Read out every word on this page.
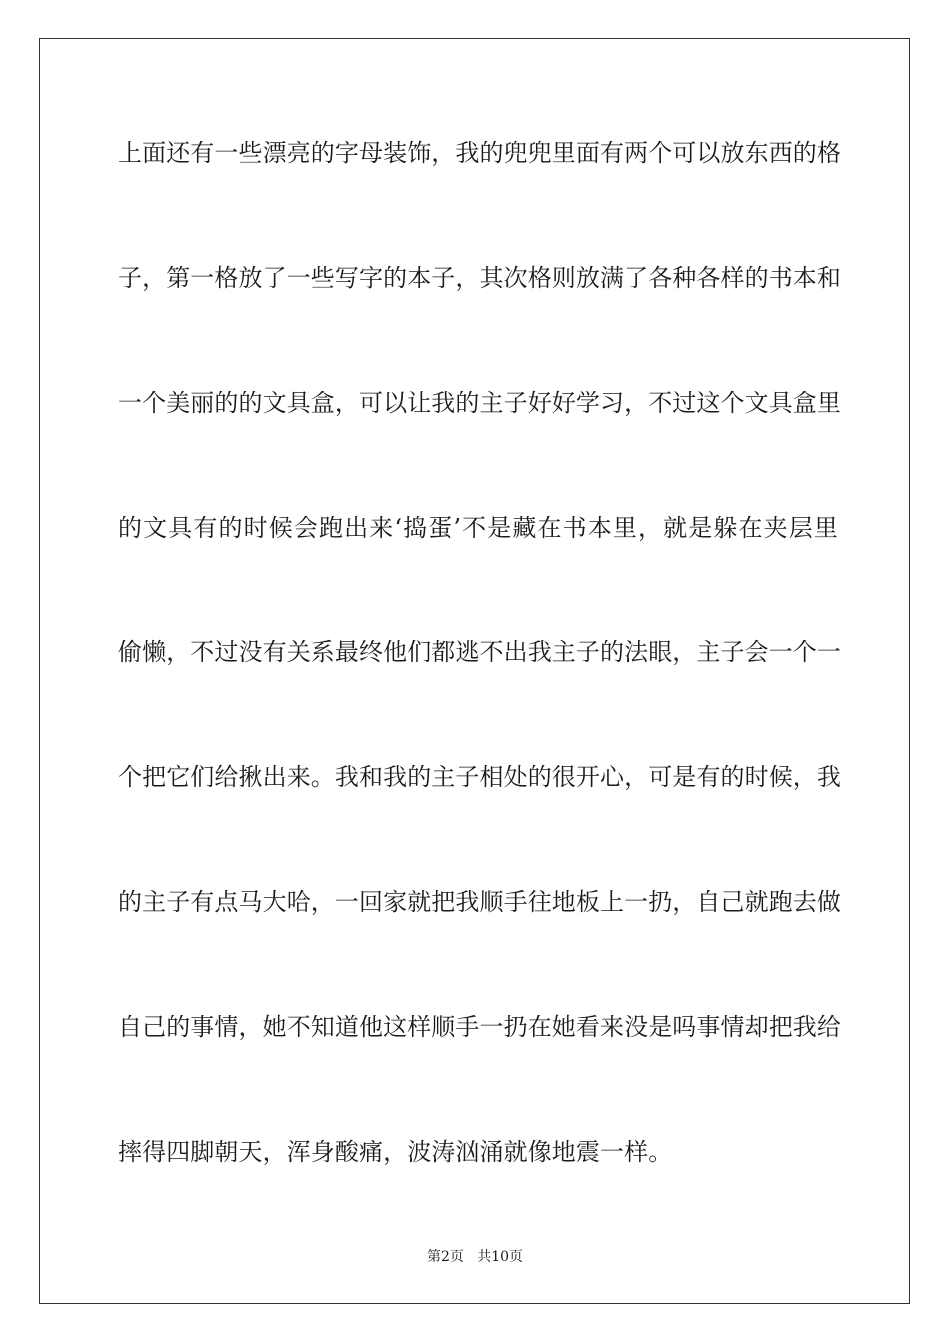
上面还有一些漂亮的字母装饰，我的兜兜里面有两个可以放东西的格
子，第一格放了一些写字的本子，其次格则放满了各种各样的书本和
一个美丽的的文具盒，可以让我的主子好好学习，不过这个文具盒里
的文具有的时候会跑出来‘捣蛋’不是藏在书本里，就是躲在夹层里
偷懒，不过没有关系最终他们都逃不出我主子的法眼，主子会一个一
个把它们给揪出来。我和我的主子相处的很开心，可是有的时候，我
的主子有点马大哈，一回家就把我顺手往地板上一扔，自己就跑去做
自己的事情，她不知道他这样顺手一扔在她看来没是吗事情却把我给
摔得四脚朝天，浑身酸痛，波涛汹涌就像地震一样。
第2页   共10页
